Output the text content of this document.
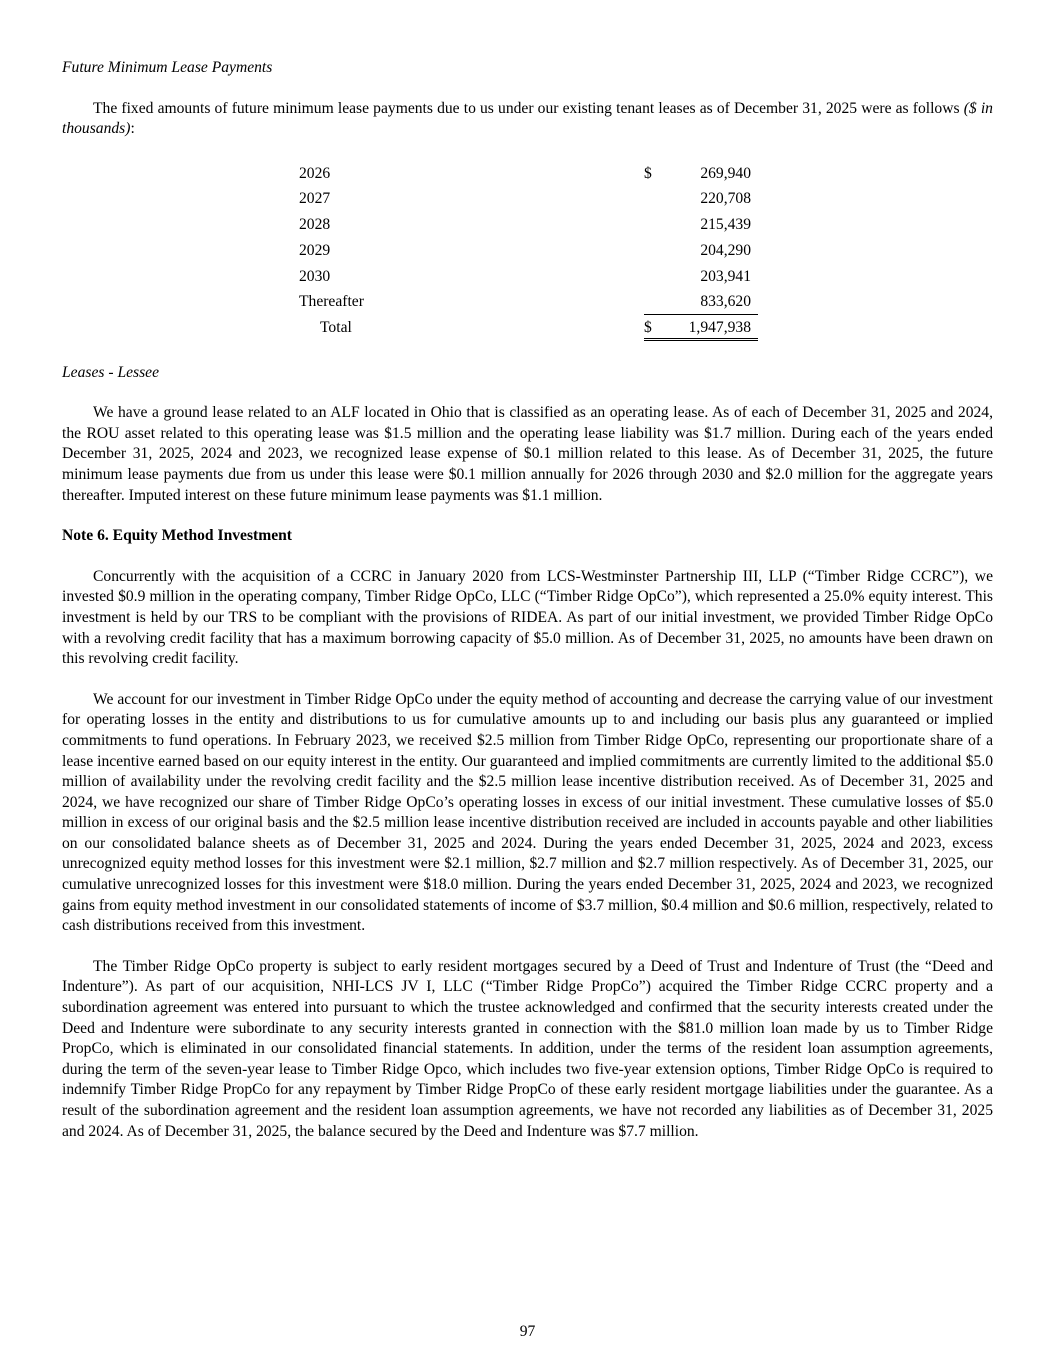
Future Minimum Lease Payments

The fixed amounts of future minimum lease payments due to us under our existing tenant leases as of December 31, 2025 were as follows ($ in thousands):

2026	$	269,940
2027	220,708
2028	215,439
2029	204,290
2030	203,941
Thereafter	833,620
Total	$ 1,947,938

Leases - Lessee

We have a ground lease related to an ALF located in Ohio that is classified as an operating lease. As of each of December 31, 2025 and 2024, the ROU asset related to this operating lease was $1.5 million and the operating lease liability was $1.7 million. During each of the years ended December 31, 2025, 2024 and 2023, we recognized lease expense of $0.1 million related to this lease. As of December 31, 2025, the future minimum lease payments due from us under this lease were $0.1 million annually for 2026 through 2030 and $2.0 million for the aggregate years thereafter. Imputed interest on these future minimum lease payments was $1.1 million.

Note 6. Equity Method Investment

Concurrently with the acquisition of a CCRC in January 2020 from LCS-Westminster Partnership III, LLP (“Timber Ridge CCRC”), we invested $0.9 million in the operating company, Timber Ridge OpCo, LLC (“Timber Ridge OpCo”), which represented a 25.0% equity interest. This investment is held by our TRS to be compliant with the provisions of RIDEA. As part of our initial investment, we provided Timber Ridge OpCo with a revolving credit facility that has a maximum borrowing capacity of $5.0 million. As of December 31, 2025, no amounts have been drawn on this revolving credit facility.

We account for our investment in Timber Ridge OpCo under the equity method of accounting and decrease the carrying value of our investment for operating losses in the entity and distributions to us for cumulative amounts up to and including our basis plus any guaranteed or implied commitments to fund operations. In February 2023, we received $2.5 million from Timber Ridge OpCo, representing our proportionate share of a lease incentive earned based on our equity interest in the entity. Our guaranteed and implied commitments are currently limited to the additional $5.0 million of availability under the revolving credit facility and the $2.5 million lease incentive distribution received. As of December 31, 2025 and 2024, we have recognized our share of Timber Ridge OpCo’s operating losses in excess of our initial investment. These cumulative losses of $5.0 million in excess of our original basis and the $2.5 million lease incentive distribution received are included in accounts payable and other liabilities on our consolidated balance sheets as of December 31, 2025 and 2024. During the years ended December 31, 2025, 2024 and 2023, excess unrecognized equity method losses for this investment were $2.1 million, $2.7 million and $2.7 million respectively. As of December 31, 2025, our cumulative unrecognized losses for this investment were $18.0 million. During the years ended December 31, 2025, 2024 and 2023, we recognized gains from equity method investment in our consolidated statements of income of $3.7 million, $0.4 million and $0.6 million, respectively, related to cash distributions received from this investment.

The Timber Ridge OpCo property is subject to early resident mortgages secured by a Deed of Trust and Indenture of Trust (the “Deed and Indenture”). As part of our acquisition, NHI-LCS JV I, LLC (“Timber Ridge PropCo”) acquired the Timber Ridge CCRC property and a subordination agreement was entered into pursuant to which the trustee acknowledged and confirmed that the security interests created under the Deed and Indenture were subordinate to any security interests granted in connection with the $81.0 million loan made by us to Timber Ridge PropCo, which is eliminated in our consolidated financial statements. In addition, under the terms of the resident loan assumption agreements, during the term of the seven-year lease to Timber Ridge Opco, which includes two five-year extension options, Timber Ridge OpCo is required to indemnify Timber Ridge PropCo for any repayment by Timber Ridge PropCo of these early resident mortgage liabilities under the guarantee. As a result of the subordination agreement and the resident loan assumption agreements, we have not recorded any liabilities as of December 31, 2025 and 2024. As of December 31, 2025, the balance secured by the Deed and Indenture was $7.7 million.

97
